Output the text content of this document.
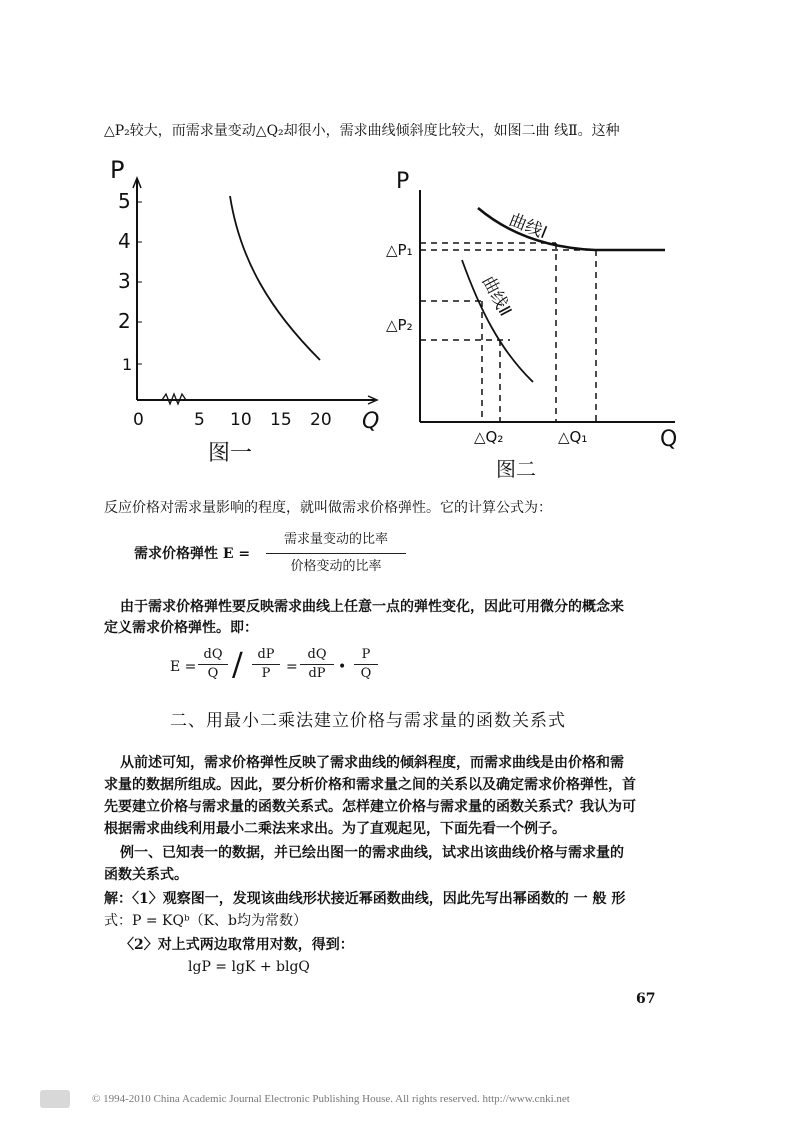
△P₂较大，而需求量变动△Q₂却很小，需求曲线倾斜度比较大，如图二曲 线Ⅱ。这种
P
5
4
3
2
1
0	5 10 15 20 Q
图一
P
曲线Ⅰ
曲线Ⅱ
△P₁
△P₂
△Q₂	△Q₁	Q
图二
反应价格对需求量影响的程度，就叫做需求价格弹性。它的计算公式为：
需求价格弹性 E =
需求量变动的比率
价格变动的比率
由于需求价格弹性要反映需求曲线上任意一点的弹性变化，因此可用微分的概念来
定义需求价格弹性。即：
$E = \frac{dQ}{Q} / \frac{dP}{P} = \frac{dQ}{dP}$ • $\frac{P}{Q}$
二、用最小二乘法建立价格与需求量的函数关系式
从前述可知，需求价格弹性反映了需求曲线的倾斜程度，而需求曲线是由价格和需
求量的数据所组成。因此，要分析价格和需求量之间的关系以及确定需求价格弹性，首
先要建立价格与需求量的函数关系式。怎样建立价格与需求量的函数关系式？我认为可
根据需求曲线利用最小二乘法来求出。为了直观起见，下面先看一个例子。
例一、已知表一的数据，并已绘出图一的需求曲线，试求出该曲线价格与需求量的
函数关系式。
解：〈1〉观察图一，发现该曲线形状接近幂函数曲线，因此先写出幂函数的 一 般 形
式：P = KQᵇ（K、b均为常数）
〈2〉对上式两边取常用对数，得到：
lgP = lgK + blgQ
67
© 1994-2010 China Academic Journal Electronic Publishing House. All rights reserved. http://www.cnki.net
